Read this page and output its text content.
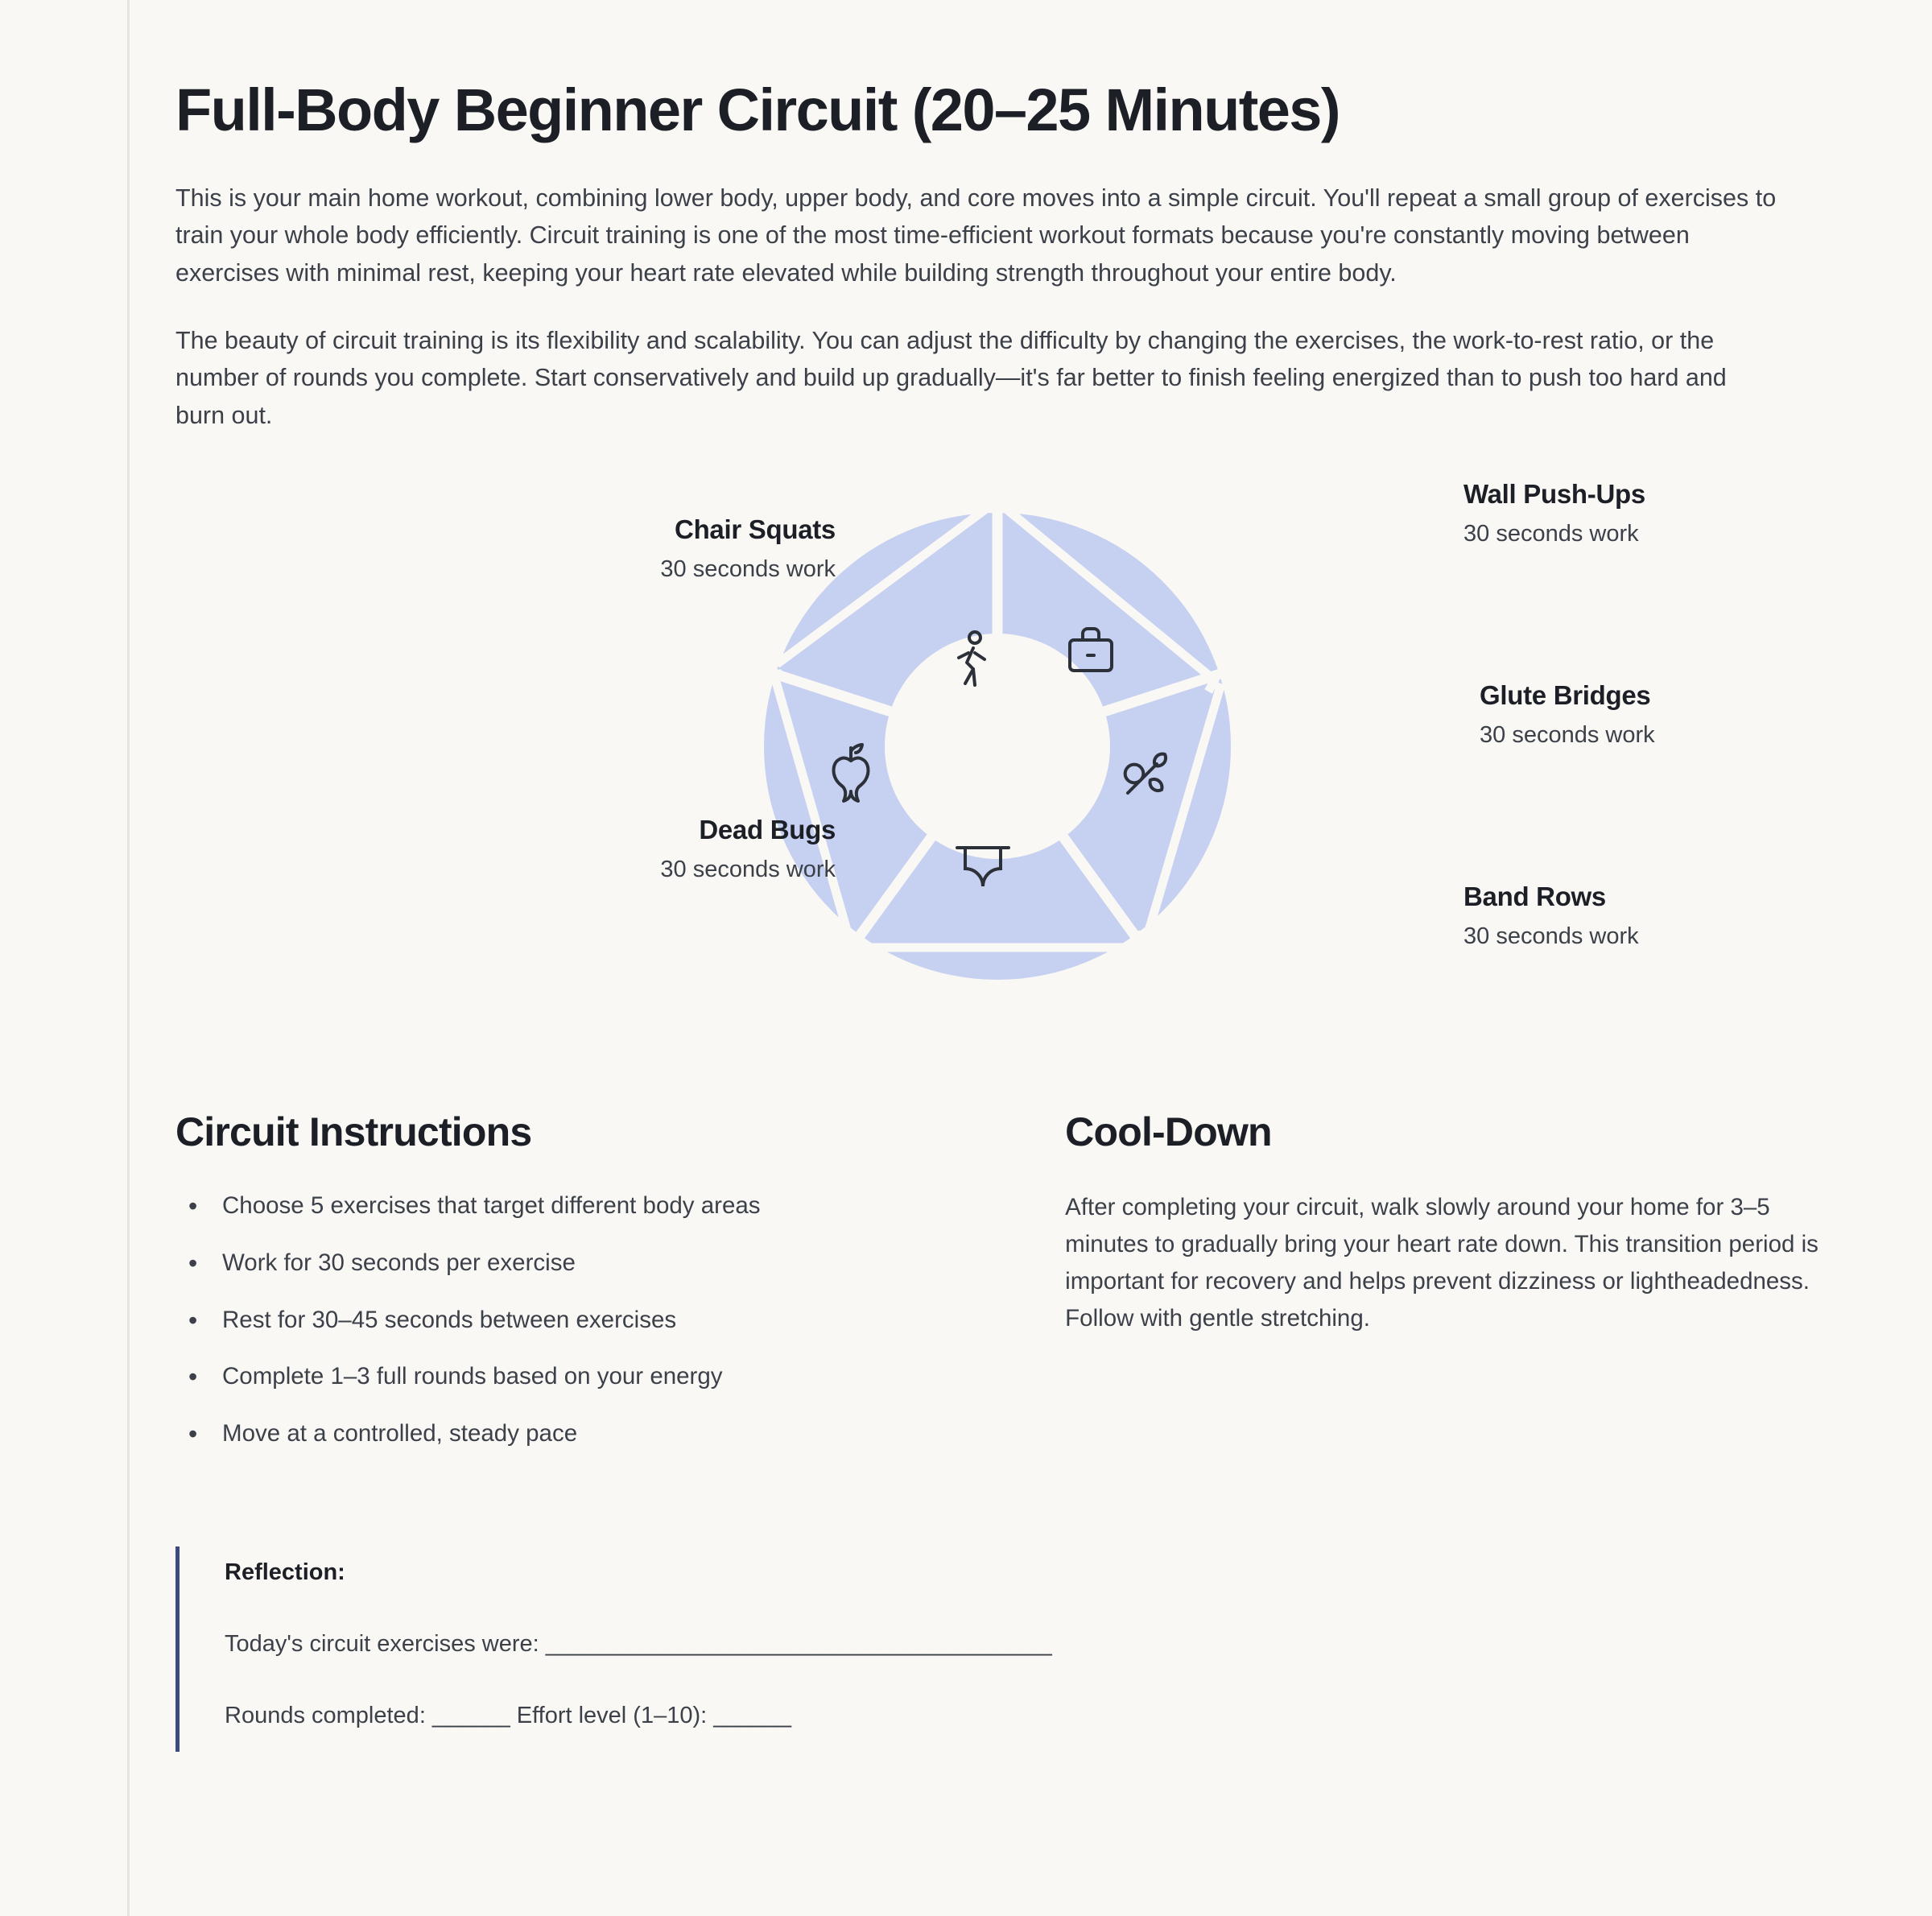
Full-Body Beginner Circuit (20–25 Minutes)

This is your main home workout, combining lower body, upper body, and core moves into a simple circuit. You'll repeat a small group of exercises to train your whole body efficiently. Circuit training is one of the most time-efficient workout formats because you're constantly moving between exercises with minimal rest, keeping your heart rate elevated while building strength throughout your entire body.

The beauty of circuit training is its flexibility and scalability. You can adjust the difficulty by changing the exercises, the work-to-rest ratio, or the number of rounds you complete. Start conservatively and build up gradually—it's far better to finish feeling energized than to push too hard and burn out.

Chair Squats
30 seconds work
Dead Bugs
30 seconds work
Wall Push-Ups
30 seconds work
Glute Bridges
30 seconds work
Band Rows
30 seconds work
Circuit Instructions
• Choose 5 exercises that target different body areas
• Work for 30 seconds per exercise
• Rest for 30–45 seconds between exercises
• Complete 1–3 full rounds based on your energy
• Move at a controlled, steady pace
Cool-Down

After completing your circuit, walk slowly around your home for 3–5 minutes to gradually bring your heart rate down. This transition period is important for recovery and helps prevent dizziness or lightheadedness. Follow with gentle stretching.

Reflection:

Today's circuit exercises were: _______________________________________

Rounds completed: ______ Effort level (1–10): ______
